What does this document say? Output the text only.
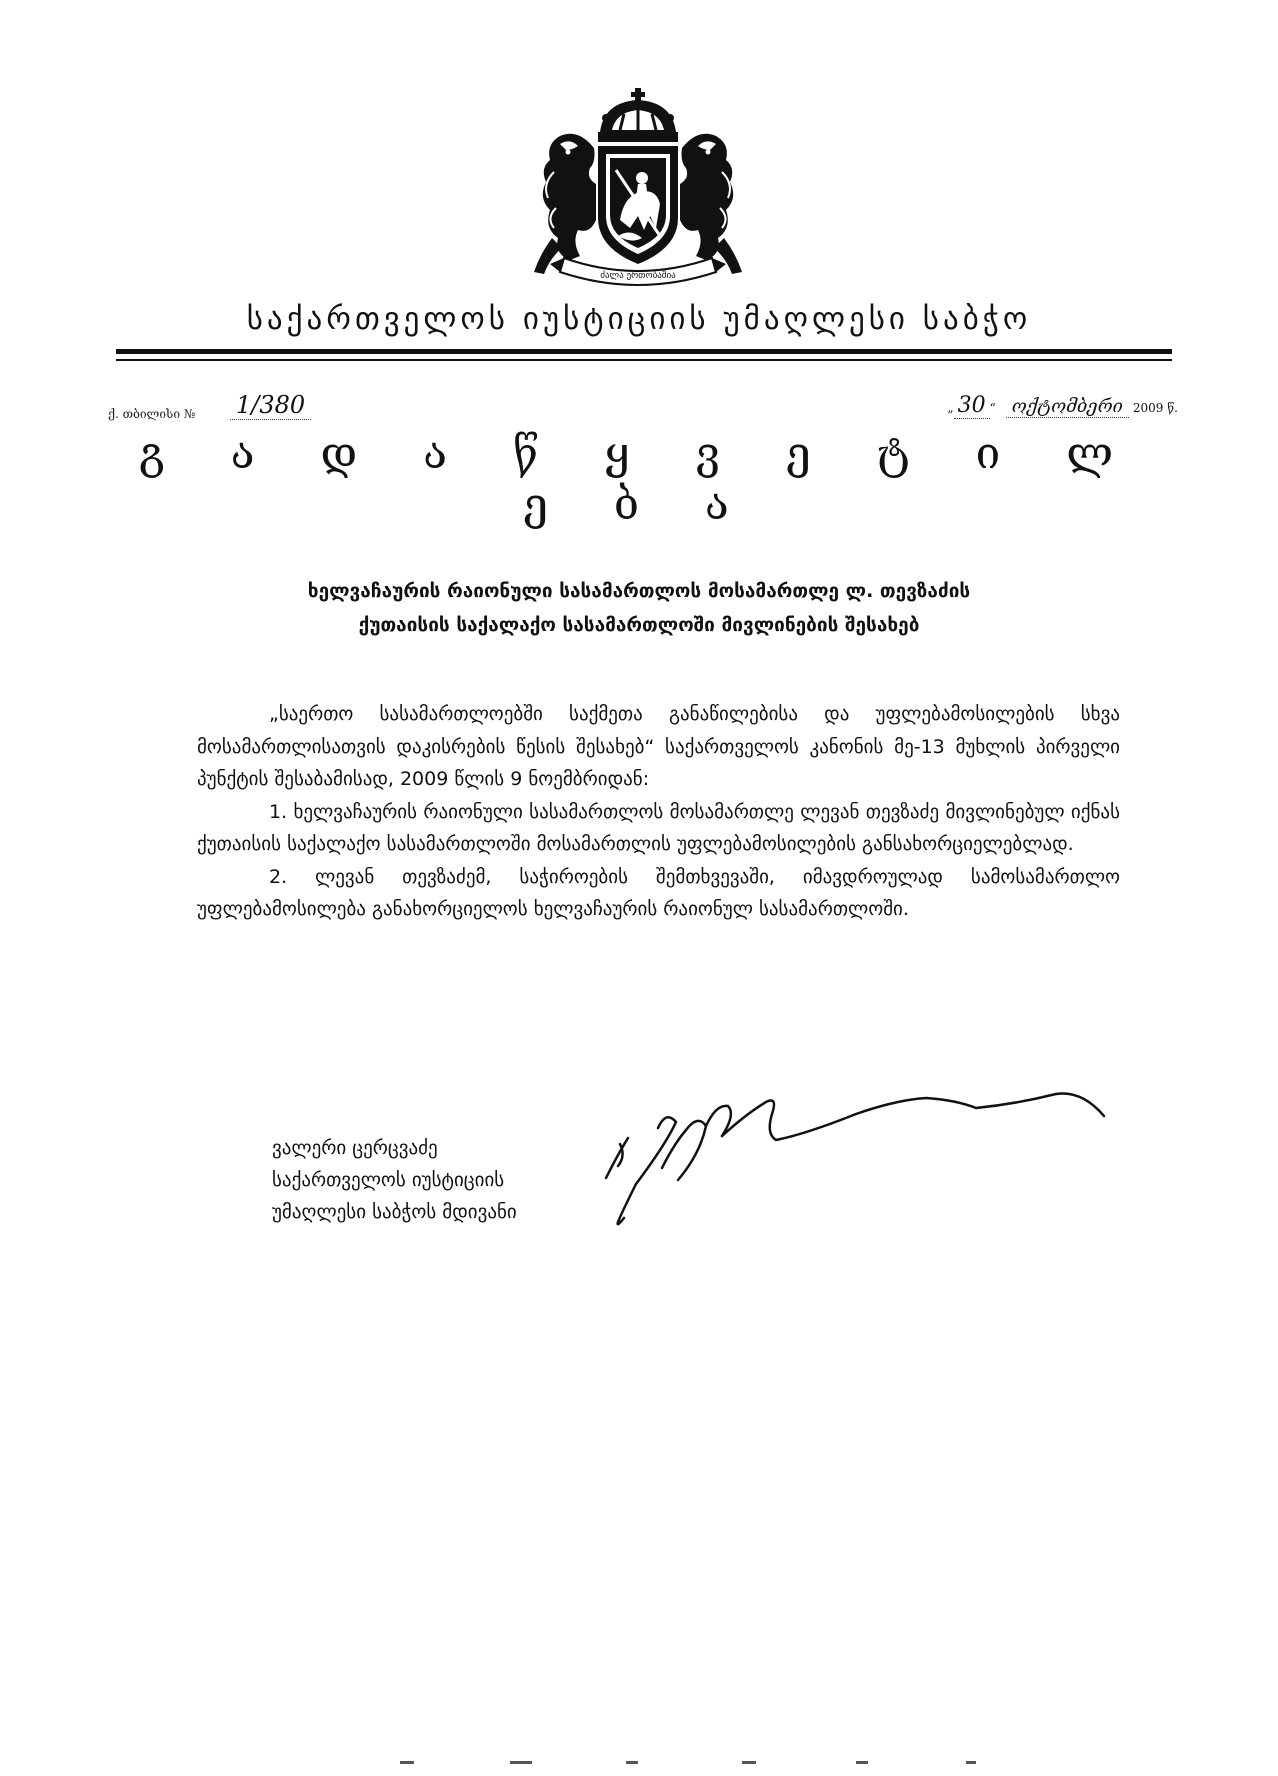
ძალა ერთობაშია
საქართველოს იუსტიციის უმაღლესი საბჭო
ქ. თბილისი № 1/380	„ 30 “ ოქტომბერი 2009 წ.
გ ა დ ა წ ყ ვ ე ტ ი ლ ე ბ ა
ხელვაჩაურის რაიონული სასამართლოს მოსამართლე ლ. თევზაძის
ქუთაისის საქალაქო სასამართლოში მივლინების შესახებ

„საერთო სასამართლოებში საქმეთა განაწილებისა და უფლებამოსილების სხვა მოსამართლისათვის დაკისრების წესის შესახებ“ საქართველოს კანონის მე-13 მუხლის პირველი პუნქტის შესაბამისად, 2009 წლის 9 ნოემბრიდან:

1. ხელვაჩაურის რაიონული სასამართლოს მოსამართლე ლევან თევზაძე მივლინებულ იქნას ქუთაისის საქალაქო სასამართლოში მოსამართლის უფლებამოსილების განსახორციელებლად.

2. ლევან თევზაძემ, საჭიროების შემთხვევაში, იმავდროულად სამოსამართლო უფლებამოსილება განახორციელოს ხელვაჩაურის რაიონულ სასამართლოში.

ვალერი ცერცვაძე
საქართველოს იუსტიციის
უმაღლესი საბჭოს მდივანი
